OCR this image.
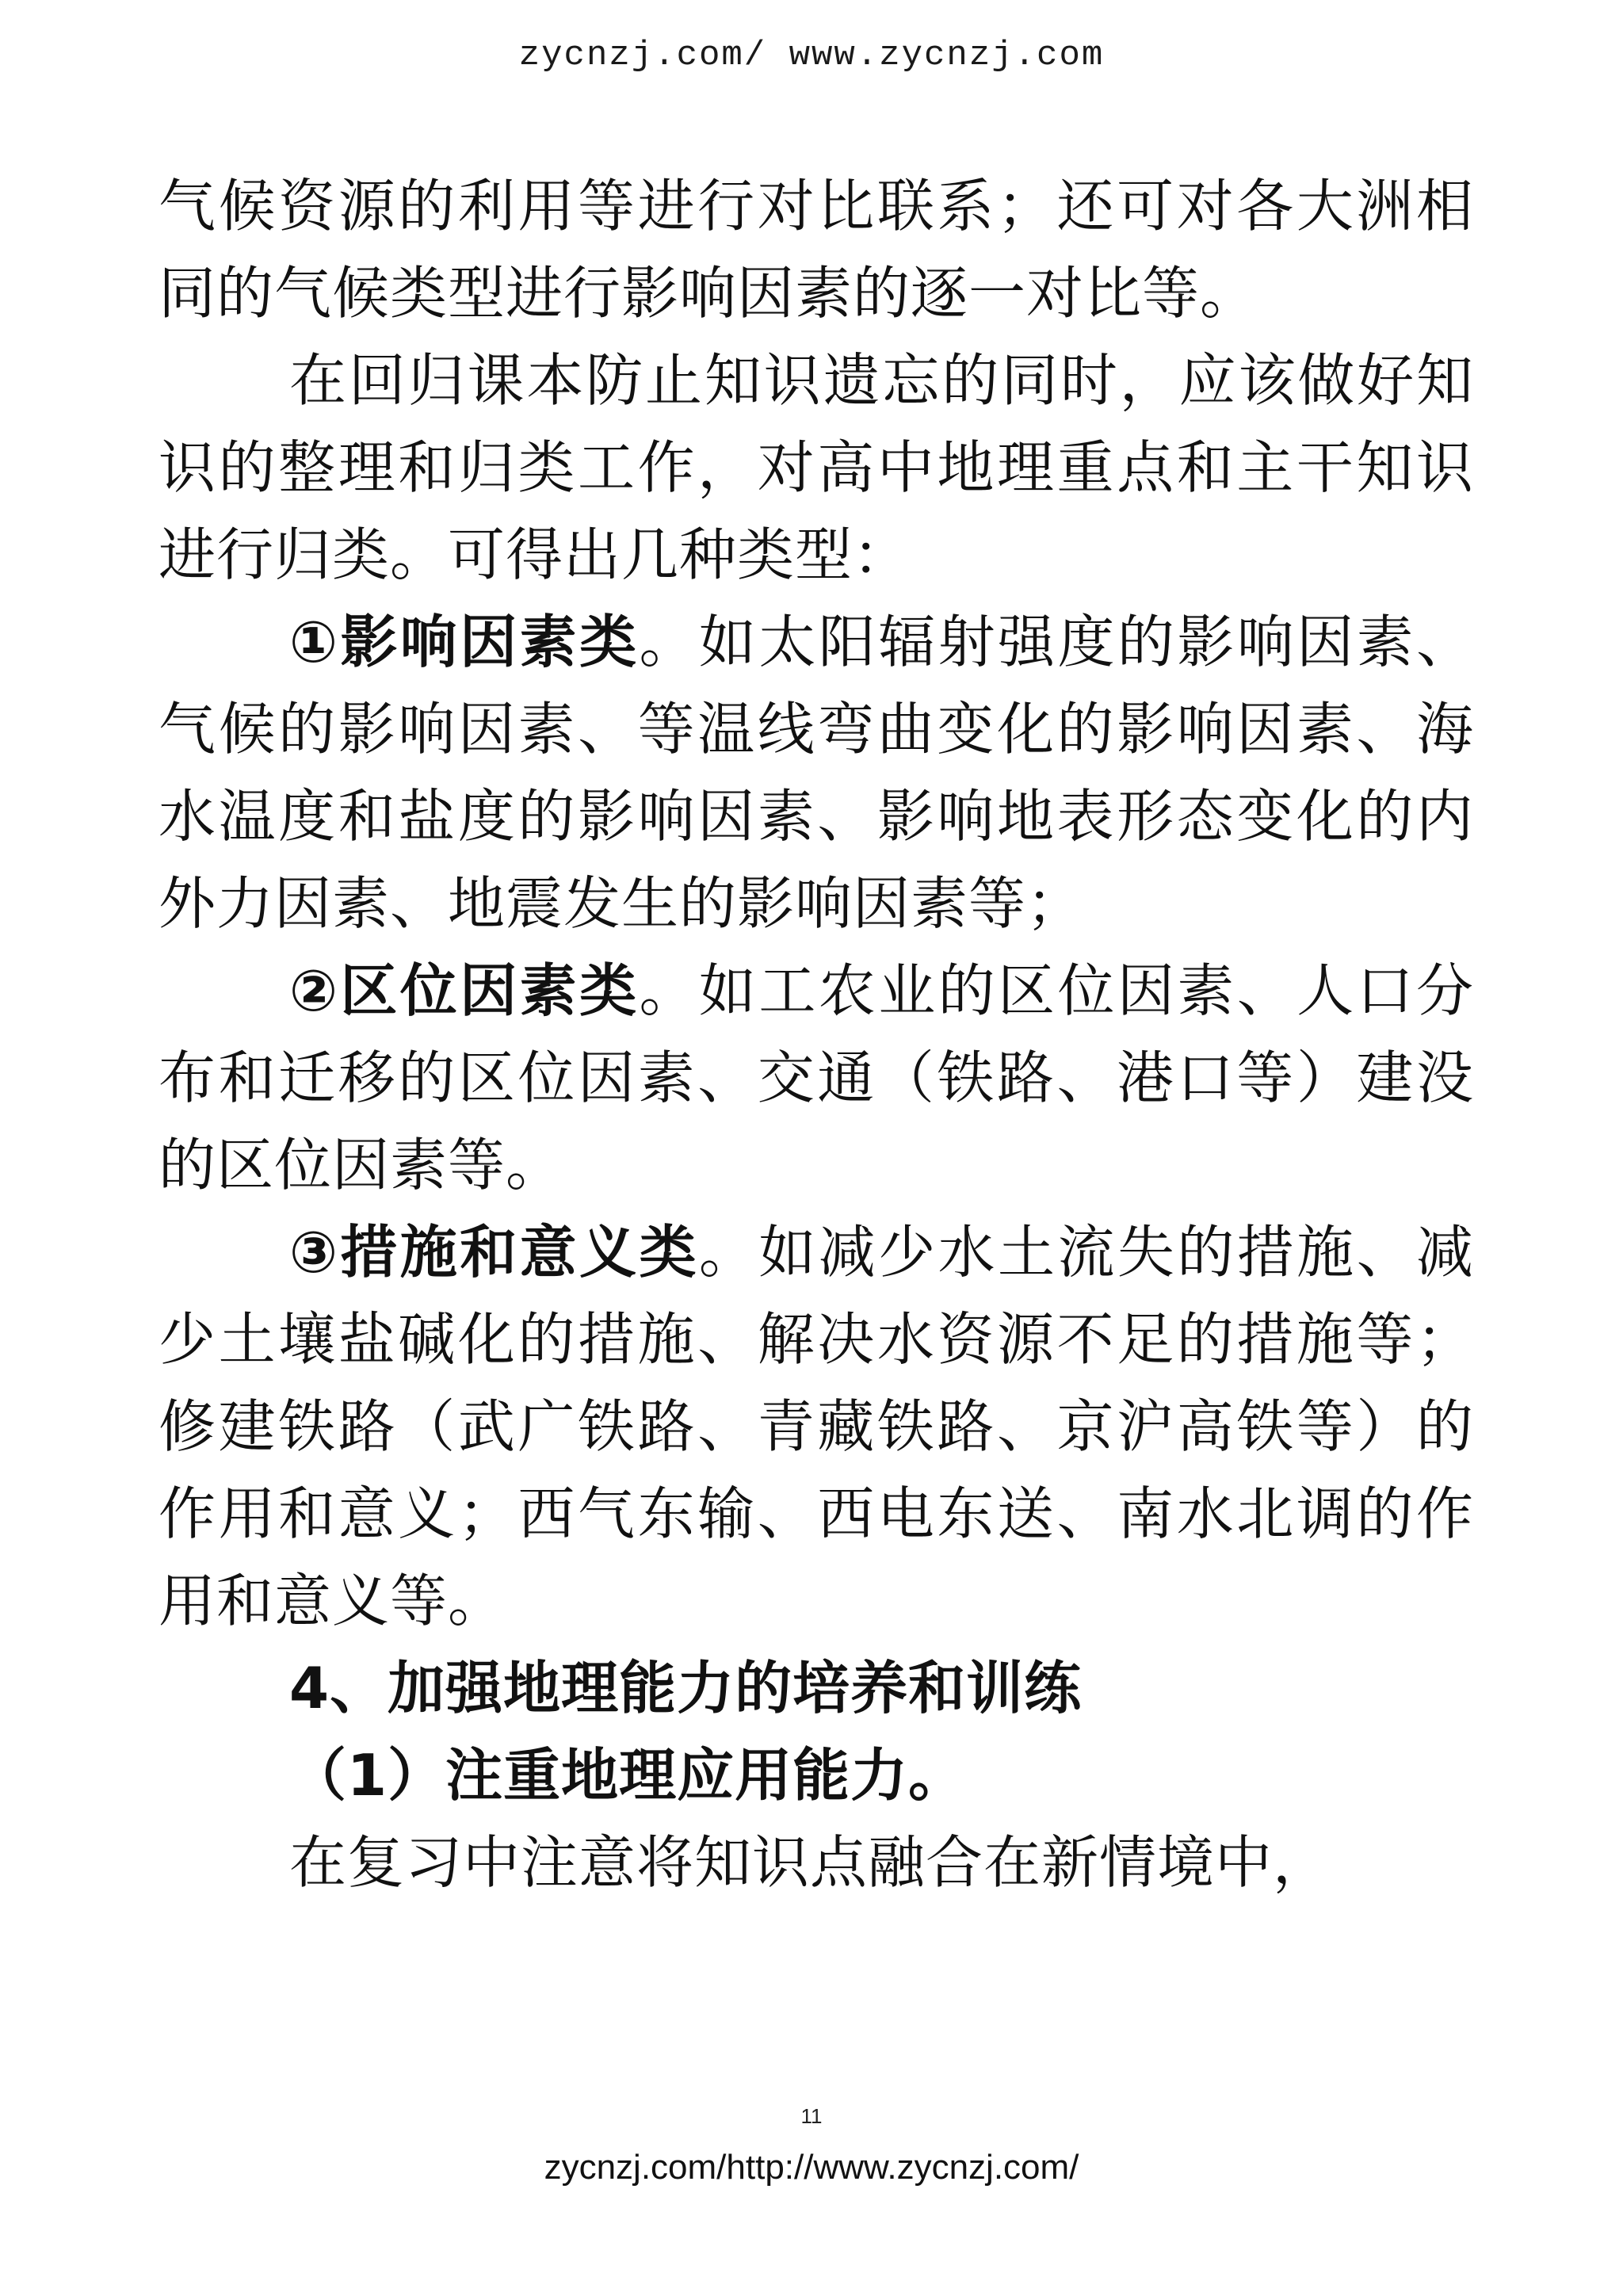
zycnzj.com/ www.zycnzj.com

气候资源的利用等进行对比联系；还可对各大洲相同的气候类型进行影响因素的逐一对比等。

在回归课本防止知识遗忘的同时，应该做好知识的整理和归类工作，对高中地理重点和主干知识进行归类。可得出几种类型：

①影响因素类。如太阳辐射强度的影响因素、气候的影响因素、等温线弯曲变化的影响因素、海水温度和盐度的影响因素、影响地表形态变化的内外力因素、地震发生的影响因素等；

②区位因素类。如工农业的区位因素、人口分布和迁移的区位因素、交通（铁路、港口等）建没的区位因素等。

③措施和意义类。如减少水土流失的措施、减少土壤盐碱化的措施、解决水资源不足的措施等；修建铁路（武广铁路、青藏铁路、京沪高铁等）的作用和意义；西气东输、西电东送、南水北调的作用和意义等。

4、加强地理能力的培养和训练

（1）注重地理应用能力。

在复习中注意将知识点融合在新情境中，

11
zycnzj.com/http://www.zycnzj.com/
